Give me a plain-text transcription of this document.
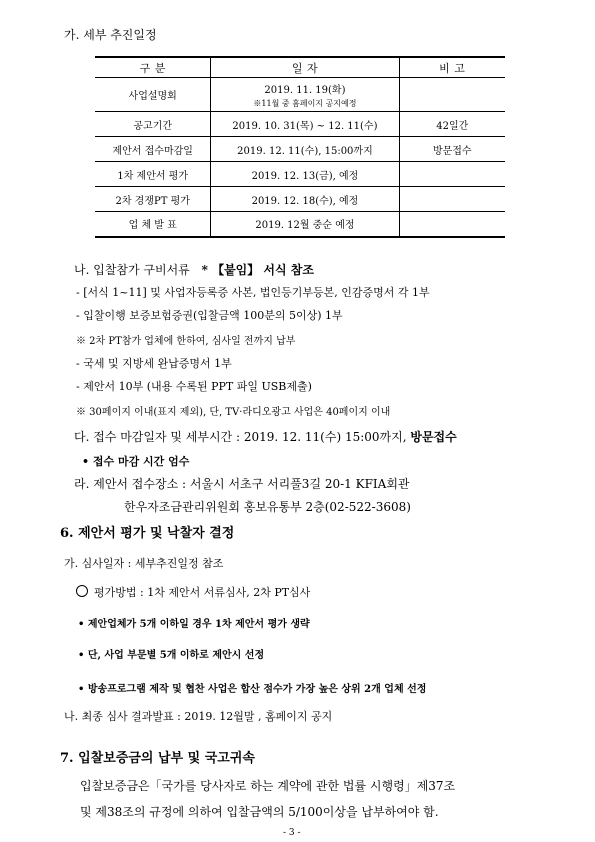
가. 세부 추진일정
구 분	일 자	비 고
사업설명회	2019. 11. 19(화)
※11월 중 홈페이지 공지예정	

공고기간	2019. 10. 31(목) ~ 12. 11(수)	42일간
제안서 접수마감일	2019. 12. 11(수), 15:00까지	방문접수
1차 제안서 평가	2019. 12. 13(금), 예정	
2차 경쟁PT 평가	2019. 12. 18(수), 예정	
업 체 발 표	2019. 12월 중순 예정	
나. 입찰참가 구비서류 * 【붙임】 서식 참조
- [서식 1~11] 및 사업자등록증 사본, 법인등기부등본, 인감증명서 각 1부
- 입찰이행 보증보험증권(입찰금액 100분의 5이상) 1부
※ 2차 PT참가 업체에 한하여, 심사일 전까지 납부
- 국세 및 지방세 완납증명서 1부
- 제안서 10부 (내용 수록된 PPT 파일 USB제출)
※ 30페이지 이내(표지 제외), 단, TV·라디오광고 사업은 40페이지 이내
다. 접수 마감일자 및 세부시간 : 2019. 12. 11(수) 15:00까지, 방문접수
• 접수 마감 시간 엄수
라. 제안서 접수장소 : 서울시 서초구 서리풀3길 20-1 KFIA회관
한우자조금관리위원회 홍보유통부 2층(02-522-3608)
6. 제안서 평가 및 낙찰자 결정
가. 심사일자 : 세부추진일정 참조
평가방법 : 1차 제안서 서류심사, 2차 PT심사
• 제안업체가 5개 이하일 경우 1차 제안서 평가 생략
• 단, 사업 부문별 5개 이하로 제안시 선정
• 방송프로그램 제작 및 협찬 사업은 합산 점수가 가장 높은 상위 2개 업체 선정
나. 최종 심사 결과발표 : 2019. 12월말 , 홈페이지 공지
7. 입찰보증금의 납부 및 국고귀속
입찰보증금은「국가를 당사자로 하는 계약에 관한 법률 시행령」제37조
및 제38조의 규정에 의하여 입찰금액의 5/100이상을 납부하여야 함.
- 3 -
